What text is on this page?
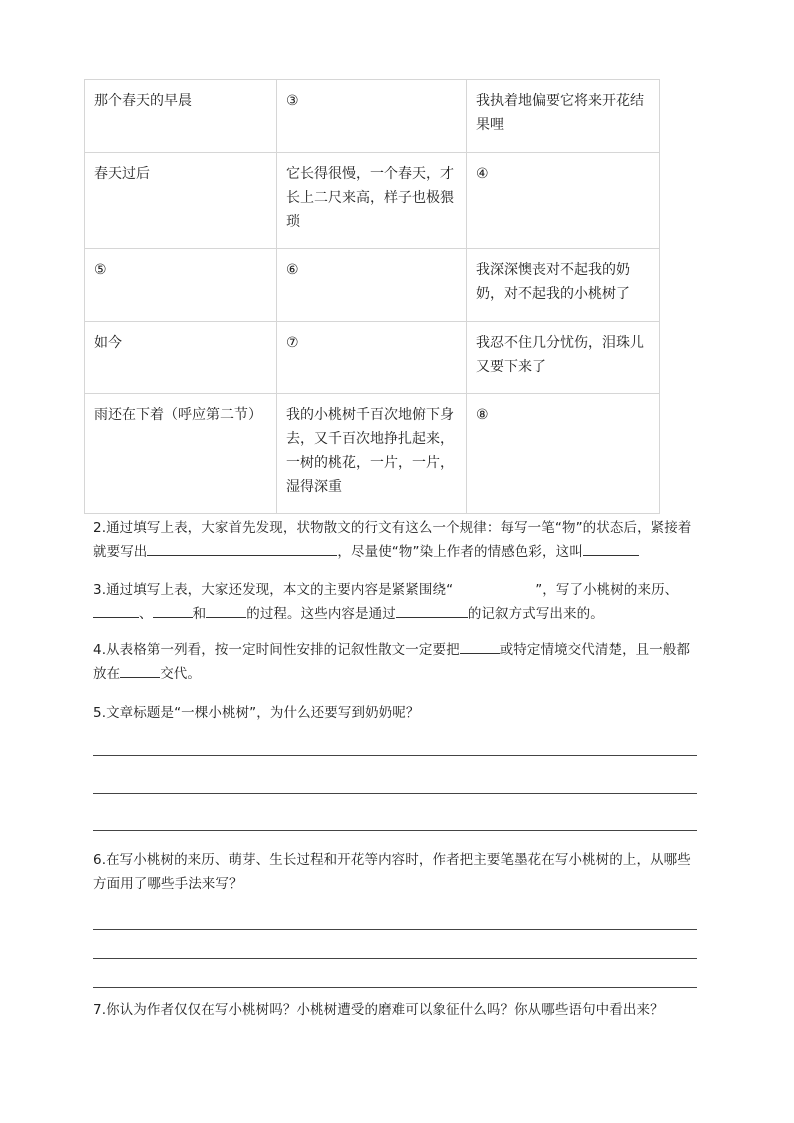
那个春天的早晨	③	我执着地偏要它将来开花结果哩
春天过后	它长得很慢，一个春天，才长上二尺来高，样子也极猥琐	④
⑤	⑥	我深深懊丧对不起我的奶奶，对不起我的小桃树了
如今	⑦	我忍不住几分忧伤，泪珠儿又要下来了
雨还在下着（呼应第二节）	我的小桃树千百次地俯下身去，又千百次地挣扎起来，一树的桃花，一片，一片，湿得深重	⑧
2.通过填写上表，大家首先发现，状物散文的行文有这么一个规律：每写一笔“物”的状态后，紧接着就要写出	，尽量使“物”染上作者的情感色彩，这叫
3.通过填写上表，大家还发现，本文的主要内容是紧紧围绕“	”，写了小桃树的来历、、	和	的过程。这些内容是通过	的记叙方式写出来的。
4.从表格第一列看，按一定时间性安排的记叙性散文一定要把	或特定情境交代清楚，且一般都放在	交代。
5.文章标题是“一棵小桃树”，为什么还要写到奶奶呢？
6.在写小桃树的来历、萌芽、生长过程和开花等内容时，作者把主要笔墨花在写小桃树的上，从哪些方面用了哪些手法来写？
7.你认为作者仅仅在写小桃树吗？小桃树遭受的磨难可以象征什么吗？你从哪些语句中看出来？
